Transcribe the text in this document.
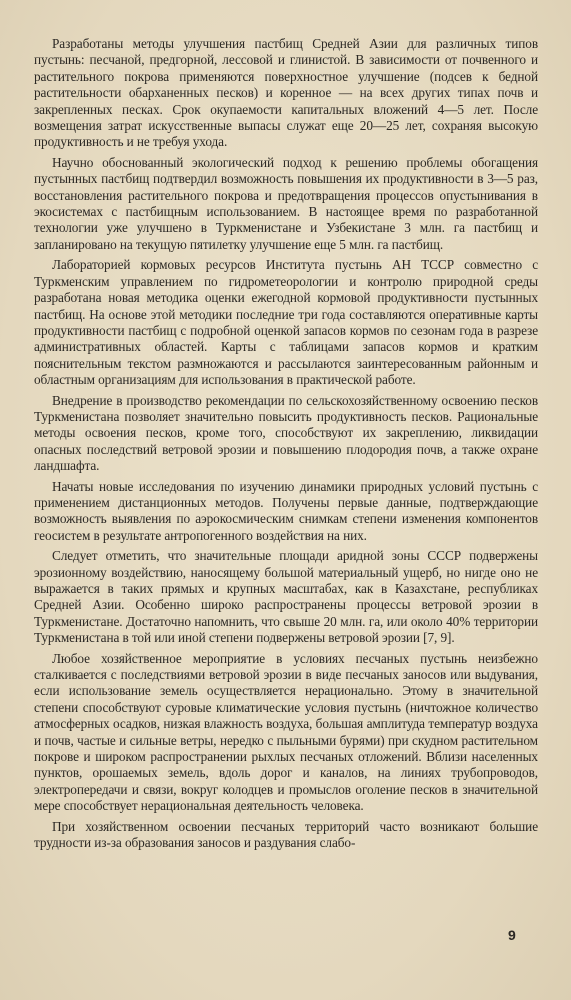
Разработаны методы улучшения пастбищ Средней Азии для различных типов пустынь: песчаной, предгорной, лессовой и глинистой. В зависимости от почвенного и растительного покрова применяются поверхностное улучшение (подсев к бедной растительности обарханенных песков) и коренное — на всех других типах почв и закрепленных песках. Срок окупаемости капитальных вложений 4—5 лет. После возмещения затрат искусственные выпасы служат еще 20—25 лет, сохраняя высокую продуктивность и не требуя ухода.

Научно обоснованный экологический подход к решению проблемы обогащения пустынных пастбищ подтвердил возможность повышения их продуктивности в 3—5 раз, восстановления растительного покрова и предотвращения процессов опустынивания в экосистемах с пастбищным использованием. В настоящее время по разработанной технологии уже улучшено в Туркменистане и Узбекистане 3 млн. га пастбищ и запланировано на текущую пятилетку улучшение еще 5 млн. га пастбищ.

Лабораторией кормовых ресурсов Института пустынь АН ТССР совместно с Туркменским управлением по гидрометеорологии и контролю природной среды разработана новая методика оценки ежегодной кормовой продуктивности пустынных пастбищ. На основе этой методики последние три года составляются оперативные карты продуктивности пастбищ с подробной оценкой запасов кормов по сезонам года в разрезе административных областей. Карты с таблицами запасов кормов и кратким пояснительным текстом размножаются и рассылаются заинтересованным районным и областным организациям для использования в практической работе.

Внедрение в производство рекомендации по сельскохозяйственному освоению песков Туркменистана позволяет значительно повысить продуктивность песков. Рациональные методы освоения песков, кроме того, способствуют их закреплению, ликвидации опасных последствий ветровой эрозии и повышению плодородия почв, а также охране ландшафта.

Начаты новые исследования по изучению динамики природных условий пустынь с применением дистанционных методов. Получены первые данные, подтверждающие возможность выявления по аэрокосмическим снимкам степени изменения компонентов геосистем в результате антропогенного воздействия на них.

Следует отметить, что значительные площади аридной зоны СССР подвержены эрозионному воздействию, наносящему большой материальный ущерб, но нигде оно не выражается в таких прямых и крупных масштабах, как в Казахстане, республиках Средней Азии. Особенно широко распространены процессы ветровой эрозии в Туркменистане. Достаточно напомнить, что свыше 20 млн. га, или около 40% территории Туркменистана в той или иной степени подвержены ветровой эрозии [7, 9].

Любое хозяйственное мероприятие в условиях песчаных пустынь неизбежно сталкивается с последствиями ветровой эрозии в виде песчаных заносов или выдувания, если использование земель осуществляется нерационально. Этому в значительной степени способствуют суровые климатические условия пустынь (ничтожное количество атмосферных осадков, низкая влажность воздуха, большая амплитуда температур воздуха и почв, частые и сильные ветры, нередко с пыльными бурями) при скудном растительном покрове и широком распространении рыхлых песчаных отложений. Вблизи населенных пунктов, орошаемых земель, вдоль дорог и каналов, на линиях трубопроводов, электропередачи и связи, вокруг колодцев и промыслов оголение песков в значительной мере способствует нерациональная деятельность человека.

При хозяйственном освоении песчаных территорий часто возникают большие трудности из-за образования заносов и раздувания слабо-

9
